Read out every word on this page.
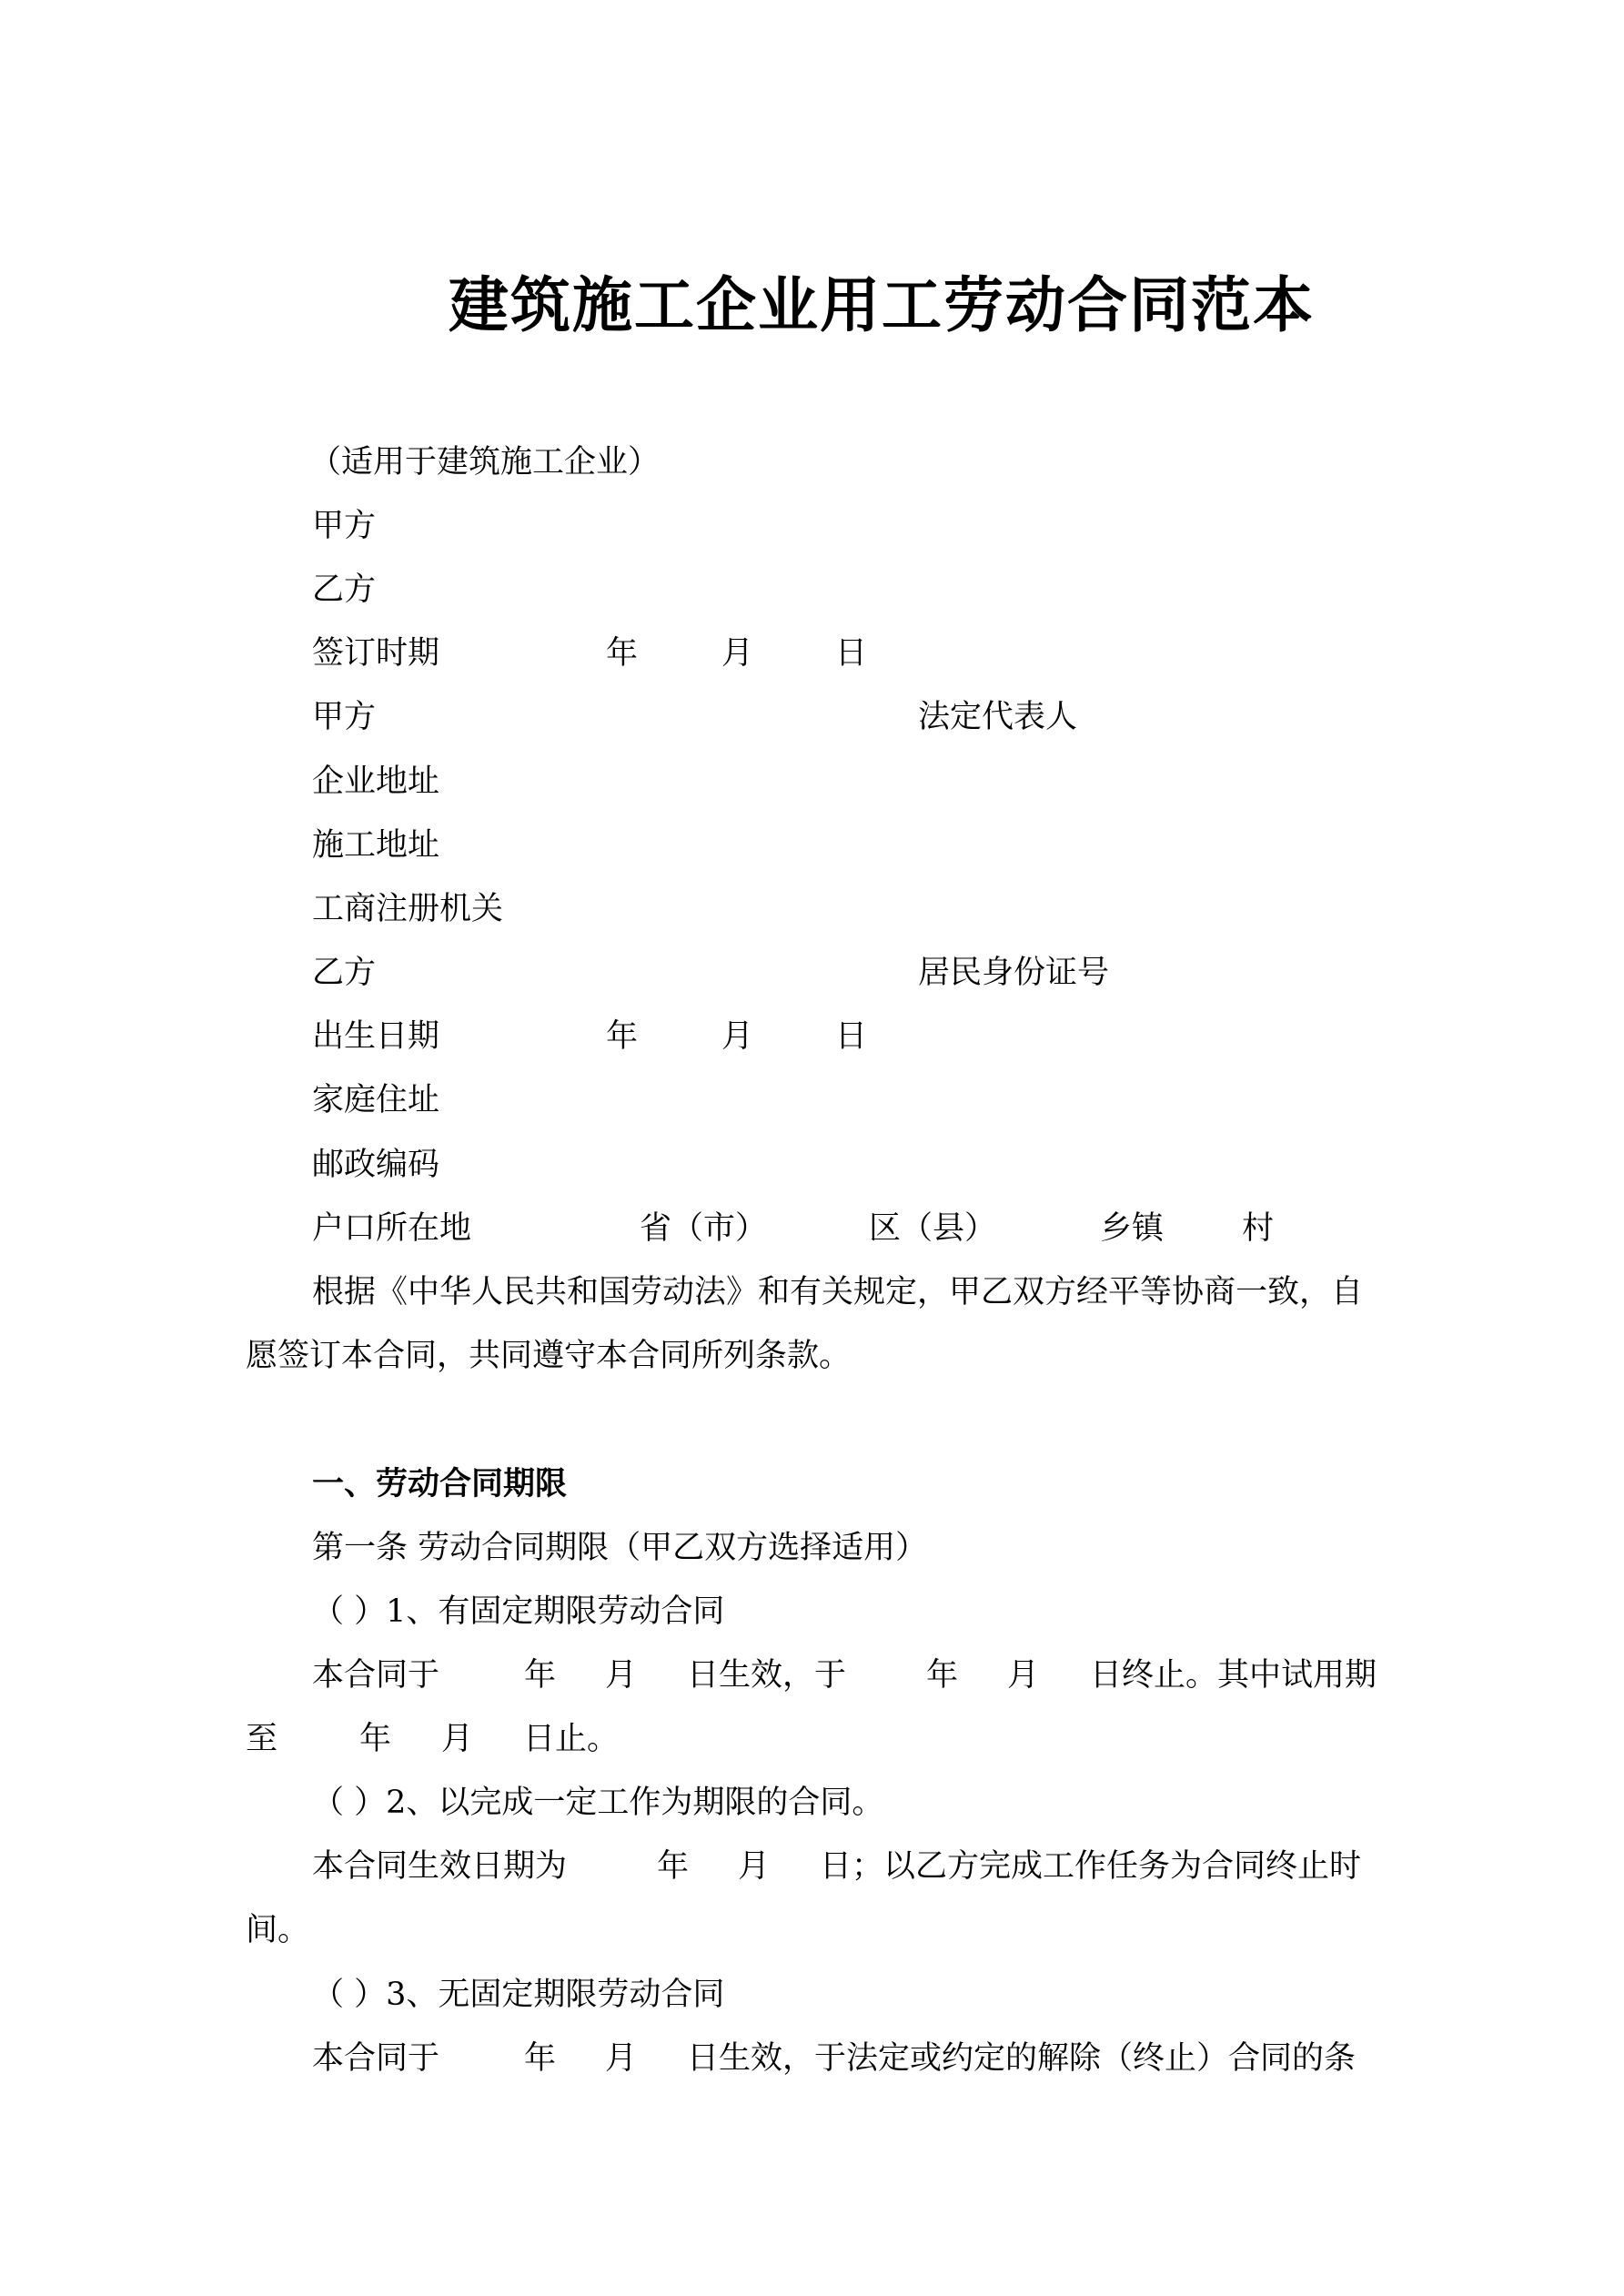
建筑施工企业用工劳动合同范本
（适用于建筑施工企业）
甲方
乙方
签订时期	年	月	日
甲方	法定代表人
企业地址
施工地址
工商注册机关
乙方	居民身份证号
出生日期	年	月	日
家庭住址
邮政编码
户口所在地	省（市）	区（县）	乡镇 村
根据《中华人民共和国劳动法》和有关规定，甲乙双方经平等协商一致，自
愿签订本合同，共同遵守本合同所列条款。
一、劳动合同期限
第一条 劳动合同期限（甲乙双方选择适用）
（ ）1、有固定期限劳动合同
本合同于	年 月 日生效，于	年 月 日终止。其中试用期
至	年 月 日止。
（ ）2、以完成一定工作为期限的合同。
本合同生效日期为	年 月 日；以乙方完成工作任务为合同终止时
间。
（ ）3、无固定期限劳动合同
本合同于	年 月 日生效，于法定或约定的解除（终止）合同的条
